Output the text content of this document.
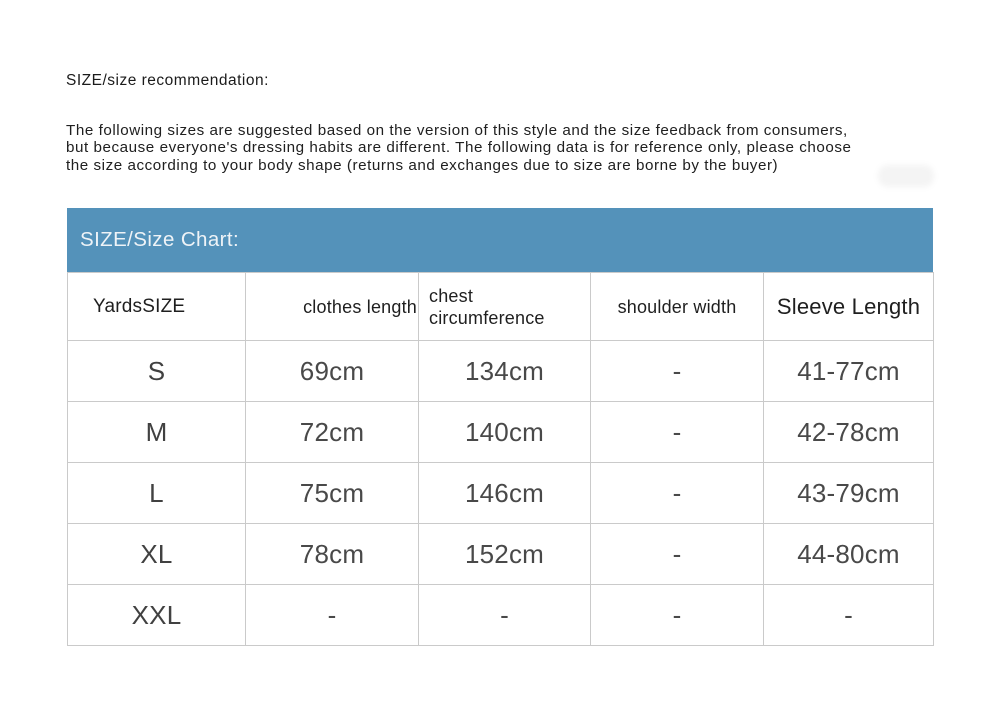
SIZE/size recommendation:
The following sizes are suggested based on the version of this style and the size feedback from consumers,
but because everyone's dressing habits are different. The following data is for reference only, please choose
the size according to your body shape (returns and exchanges due to size are borne by the buyer)
SIZE/Size Chart:
YardsSIZE	clothes length	chest circumference	shoulder width	Sleeve Length
S	69cm	134cm	-	41-77cm
M	72cm	140cm	-	42-78cm
L	75cm	146cm	-	43-79cm
XL	78cm	152cm	-	44-80cm
XXL	-	-	-	-
